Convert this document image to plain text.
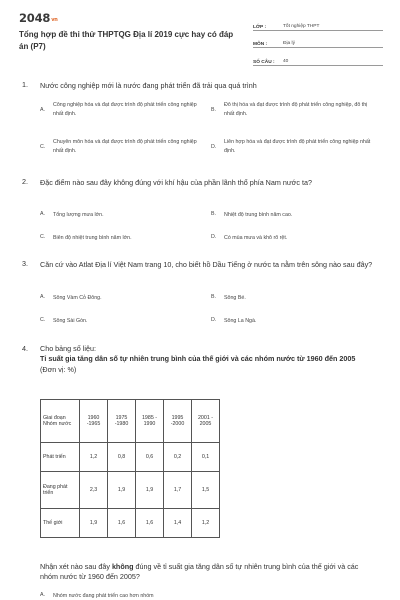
$2048^{vn}$
Tổng hợp đề thi thử THPTQG Địa lí 2019 cực hay có đáp án (P7)
LỚP :	Tốt nghiệp THPT
MÔN :	Địa lý
SỐ CÂU :	40
1. Nước công nghiệp mới là nước đang phát triển đã trải qua quá trình
A.
Công nghiệp hóa và đạt được trình độ phát triển công nghiệp nhất định.
B.
Đô thị hóa và đạt được trình độ phát triển công nghiệp, đô thị nhất định.
C.
Chuyên môn hóa và đạt được trình độ phát triển công nghiệp nhất định.
D.
Liên hợp hóa và đạt được trình độ phát triển công nghiệp nhất định.
2. Đặc điểm nào sau đây không đúng với khí hậu của phần lãnh thổ phía Nam nước ta?
A. Tổng lượng mưa lớn.	B. Nhiệt độ trung bình năm cao.
C. Biên độ nhiệt trung bình năm lớn.	D. Có mùa mưa và khô rõ rệt.
3. Căn cứ vào Atlat Địa lí Việt Nam trang 10, cho biết hồ Dầu Tiếng ở nước ta nằm trên sông nào sau đây?
A. Sông Vàm Cỏ Đông.	B. Sông Bé.
C. Sông Sài Gòn.	D. Sông La Ngà.
4. Cho bảng số liệu:
Tỉ suất gia tăng dân số tự nhiên trung bình của thế giới và các nhóm nước từ 1960 đến 2005
(Đơn vị: %)
Giai đoạn Nhóm nước	1960 -1965	1975 -1980	1985 - 1990	1995 -2000	2001 - 2005
Phát triển	1,2	0,8	0,6	0,2	0,1
Đang phát triển	2,3	1,9	1,9	1,7	1,5
Thế giới	1,9	1,6	1,6	1,4	1,2
Nhận xét nào sau đây không đúng về tỉ suất gia tăng dân số tự nhiên trung bình của thế giới và các nhóm nước từ 1960 đến 2005?
A. Nhóm nước đang phát triển cao hơn nhóm
